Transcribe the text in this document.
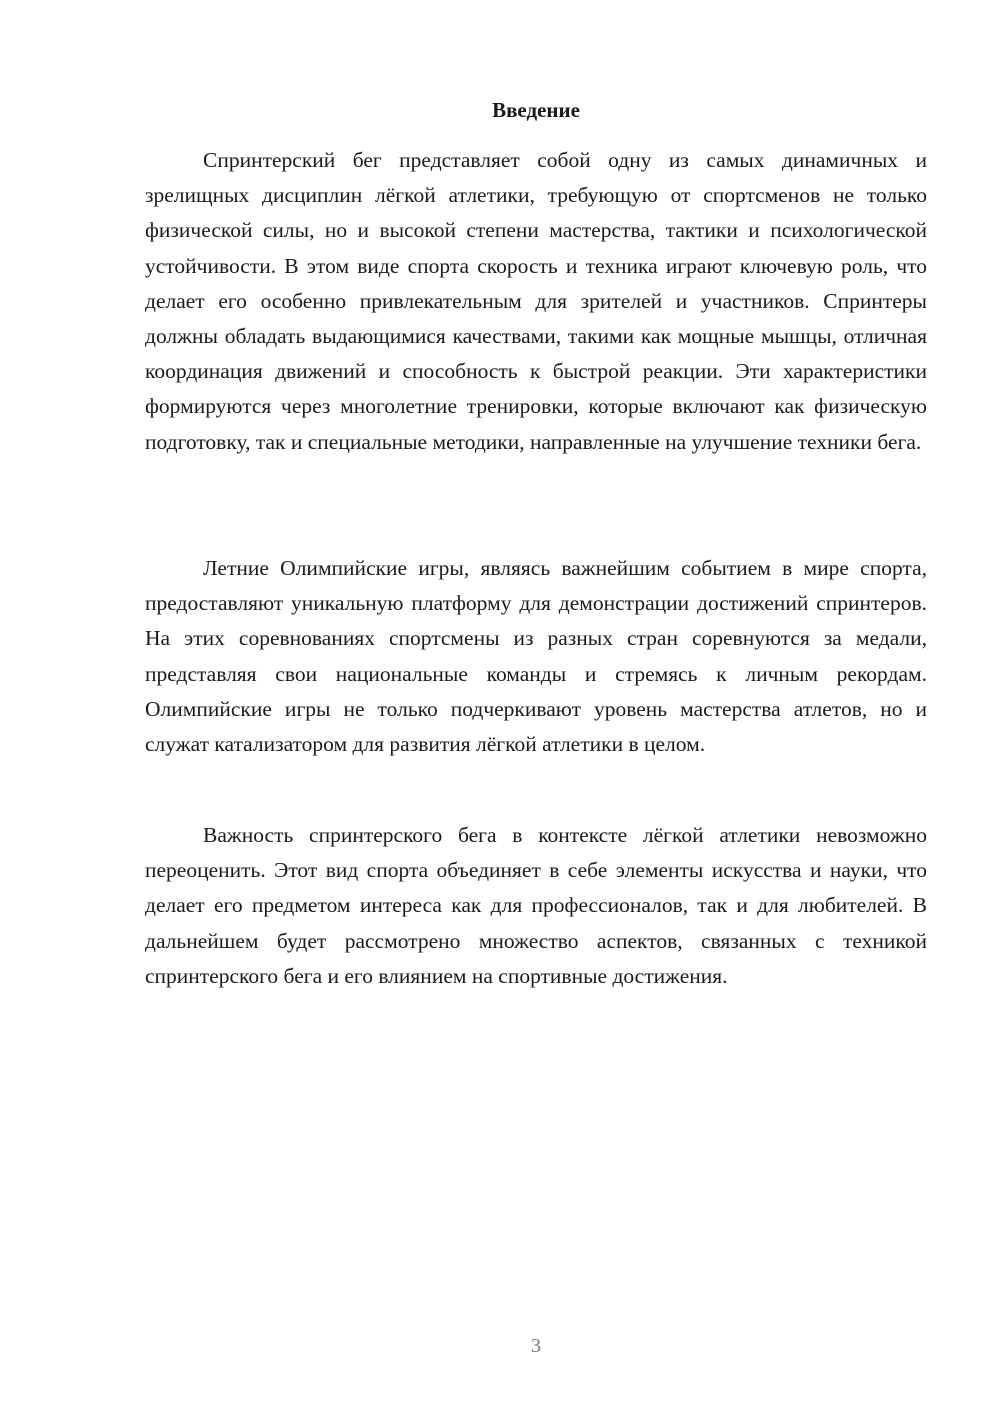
Введение

Спринтерский бег представляет собой одну из самых динамичных и зрелищных дисциплин лёгкой атлетики, требующую от спортсменов не только физической силы, но и высокой степени мастерства, тактики и психологической устойчивости. В этом виде спорта скорость и техника играют ключевую роль, что делает его особенно привлекательным для зрителей и участников. Спринтеры должны обладать выдающимися качествами, такими как мощные мышцы, отличная координация движений и способность к быстрой реакции. Эти характеристики формируются через многолетние тренировки, которые включают как физическую подготовку, так и специальные методики, направленные на улучшение техники бега.

Летние Олимпийские игры, являясь важнейшим событием в мире спорта, предоставляют уникальную платформу для демонстрации достижений спринтеров. На этих соревнованиях спортсмены из разных стран соревнуются за медали, представляя свои национальные команды и стремясь к личным рекордам. Олимпийские игры не только подчеркивают уровень мастерства атлетов, но и служат катализатором для развития лёгкой атлетики в целом.

Важность спринтерского бега в контексте лёгкой атлетики невозможно переоценить. Этот вид спорта объединяет в себе элементы искусства и науки, что делает его предметом интереса как для профессионалов, так и для любителей. В дальнейшем будет рассмотрено множество аспектов, связанных с техникой спринтерского бега и его влиянием на спортивные достижения.

3
